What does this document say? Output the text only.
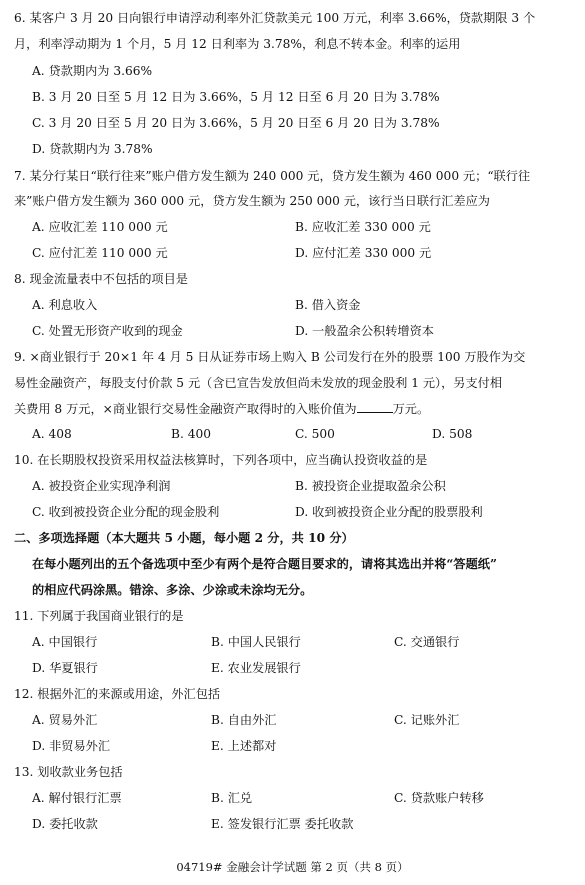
6. 某客户 3 月 20 日向银行申请浮动利率外汇贷款美元 100 万元，利率 3.66%，贷款期限 3 个
月，利率浮动期为 1 个月，5 月 12 日利率为 3.78%，利息不转本金。利率的运用
A. 贷款期内为 3.66%
B. 3 月 20 日至 5 月 12 日为 3.66%，5 月 12 日至 6 月 20 日为 3.78%
C. 3 月 20 日至 5 月 20 日为 3.66%，5 月 20 日至 6 月 20 日为 3.78%
D. 贷款期内为 3.78%
7. 某分行某日“联行往来”账户借方发生额为 240 000 元，贷方发生额为 460 000 元；“联行往
来”账户借方发生额为 360 000 元，贷方发生额为 250 000 元，该行当日联行汇差应为
A. 应收汇差 110 000 元	B. 应收汇差 330 000 元
C. 应付汇差 110 000 元	D. 应付汇差 330 000 元
8. 现金流量表中不包括的项目是
A. 利息收入	B. 借入资金
C. 处置无形资产收到的现金	D. 一般盈余公积转增资本
9. ×商业银行于 20×1 年 4 月 5 日从证券市场上购入 B 公司发行在外的股票 100 万股作为交
易性金融资产，每股支付价款 5 元（含已宣告发放但尚未发放的现金股利 1 元），另支付相
关费用 8 万元，×商业银行交易性金融资产取得时的入账价值为	万元。
A. 408	B. 400	C. 500	D. 508
10. 在长期股权投资采用权益法核算时，下列各项中，应当确认投资收益的是
A. 被投资企业实现净利润	B. 被投资企业提取盈余公积
C. 收到被投资企业分配的现金股利	D. 收到被投资企业分配的股票股利
二、多项选择题（本大题共 5 小题，每小题 2 分，共 10 分）
在每小题列出的五个备选项中至少有两个是符合题目要求的，请将其选出并将“答题纸”
的相应代码涂黑。错涂、多涂、少涂或未涂均无分。
11. 下列属于我国商业银行的是
A. 中国银行	B. 中国人民银行	C. 交通银行
D. 华夏银行	E. 农业发展银行
12. 根据外汇的来源或用途，外汇包括
A. 贸易外汇	B. 自由外汇	C. 记账外汇
D. 非贸易外汇	E. 上述都对
13. 划收款业务包括
A. 解付银行汇票	B. 汇兑	C. 贷款账户转移
D. 委托收款	E. 签发银行汇票 委托收款
04719# 金融会计学试题 第 2 页（共 8 页）
